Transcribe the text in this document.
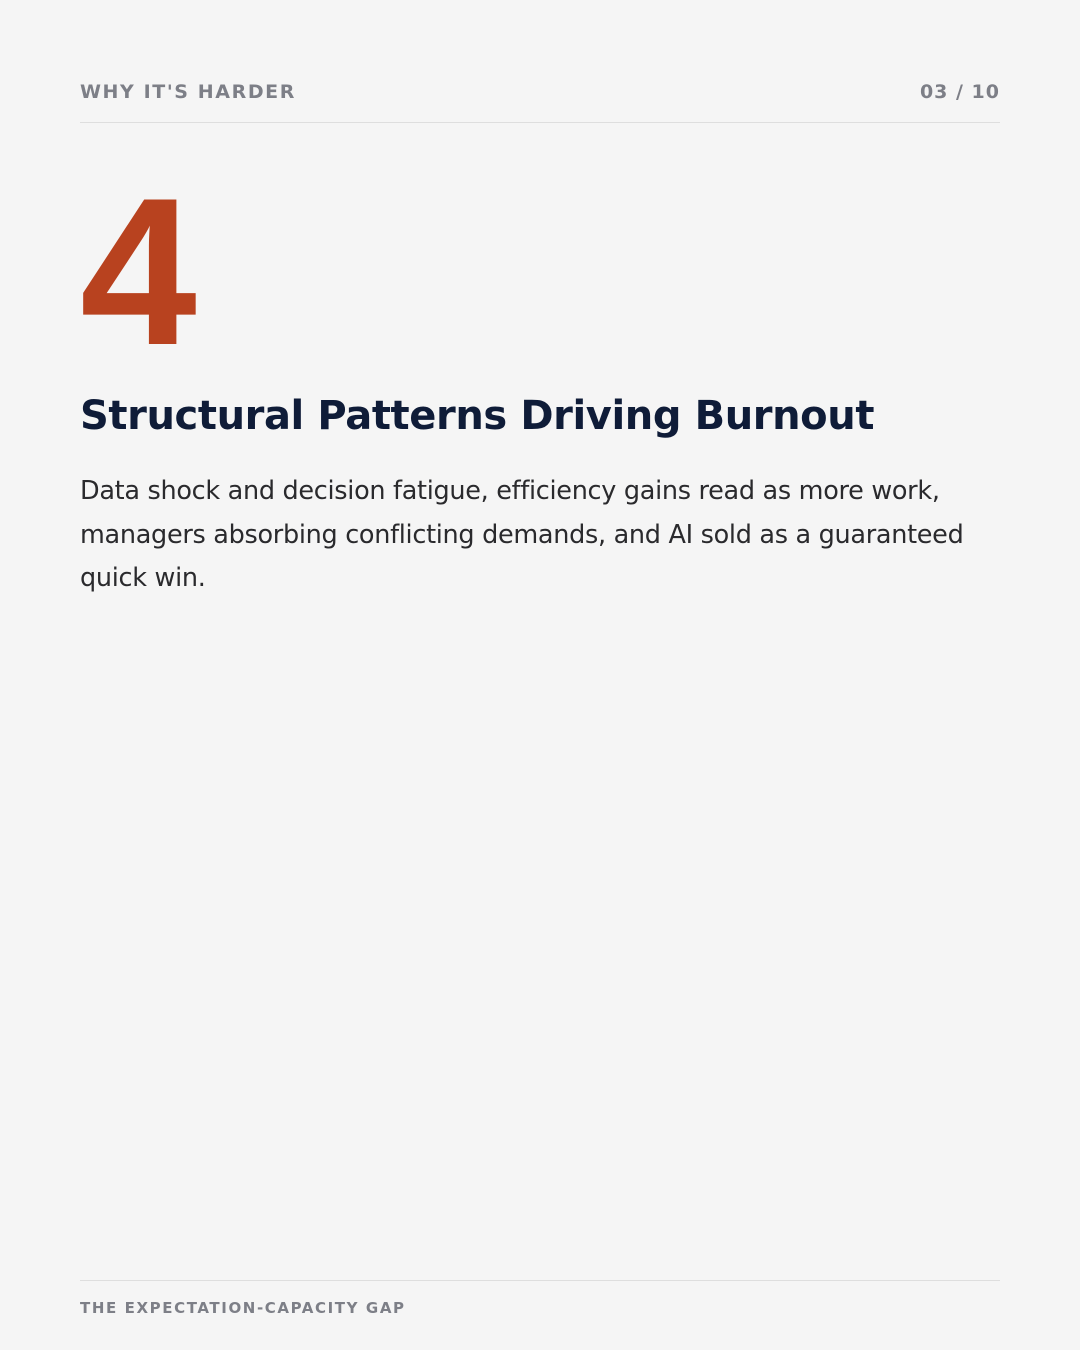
WHY IT'S HARDER	03 / 10
4
Structural Patterns Driving Burnout

Data shock and decision fatigue, efficiency gains read as more work, managers absorbing conflicting demands, and AI sold as a guaranteed quick win.

THE EXPECTATION-CAPACITY GAP
